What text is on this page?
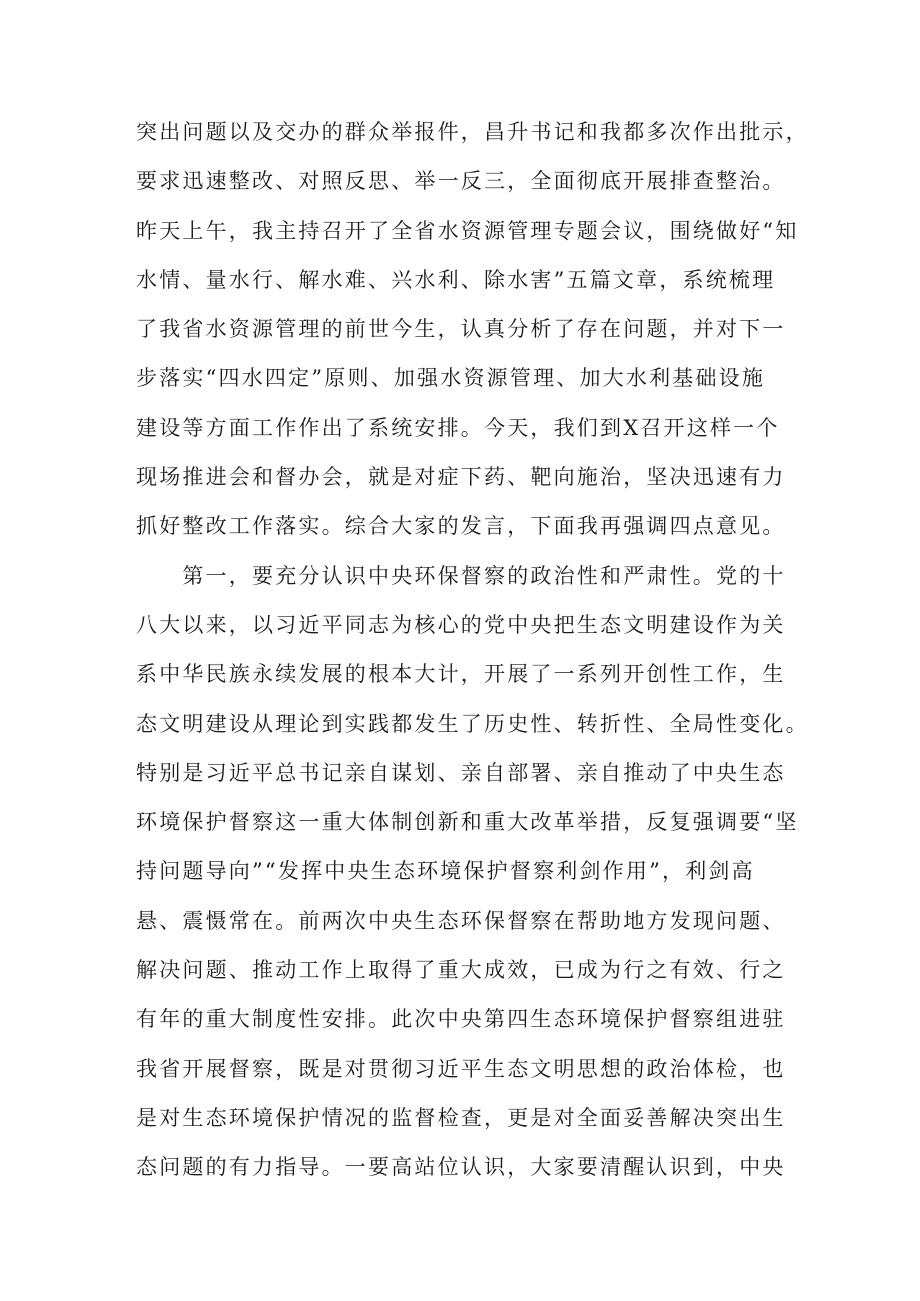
突出问题以及交办的群众举报件，昌升书记和我都多次作出批示，
要求迅速整改、对照反思、举一反三，全面彻底开展排查整治。
昨天上午，我主持召开了全省水资源管理专题会议，围绕做好“知
水情、量水行、解水难、兴水利、除水害”五篇文章，系统梳理
了我省水资源管理的前世今生，认真分析了存在问题，并对下一
步落实“四水四定”原则、加强水资源管理、加大水利基础设施
建设等方面工作作出了系统安排。今天，我们到X召开这样一个
现场推进会和督办会，就是对症下药、靶向施治，坚决迅速有力
抓好整改工作落实。综合大家的发言，下面我再强调四点意见。
　　第一，要充分认识中央环保督察的政治性和严肃性。党的十
八大以来，以习近平同志为核心的党中央把生态文明建设作为关
系中华民族永续发展的根本大计，开展了一系列开创性工作，生
态文明建设从理论到实践都发生了历史性、转折性、全局性变化。
特别是习近平总书记亲自谋划、亲自部署、亲自推动了中央生态
环境保护督察这一重大体制创新和重大改革举措，反复强调要“坚
持问题导向”“发挥中央生态环境保护督察利剑作用”，利剑高
悬、震慑常在。前两次中央生态环保督察在帮助地方发现问题、
解决问题、推动工作上取得了重大成效，已成为行之有效、行之
有年的重大制度性安排。此次中央第四生态环境保护督察组进驻
我省开展督察，既是对贯彻习近平生态文明思想的政治体检，也
是对生态环境保护情况的监督检查，更是对全面妥善解决突出生
态问题的有力指导。一要高站位认识，大家要清醒认识到，中央
